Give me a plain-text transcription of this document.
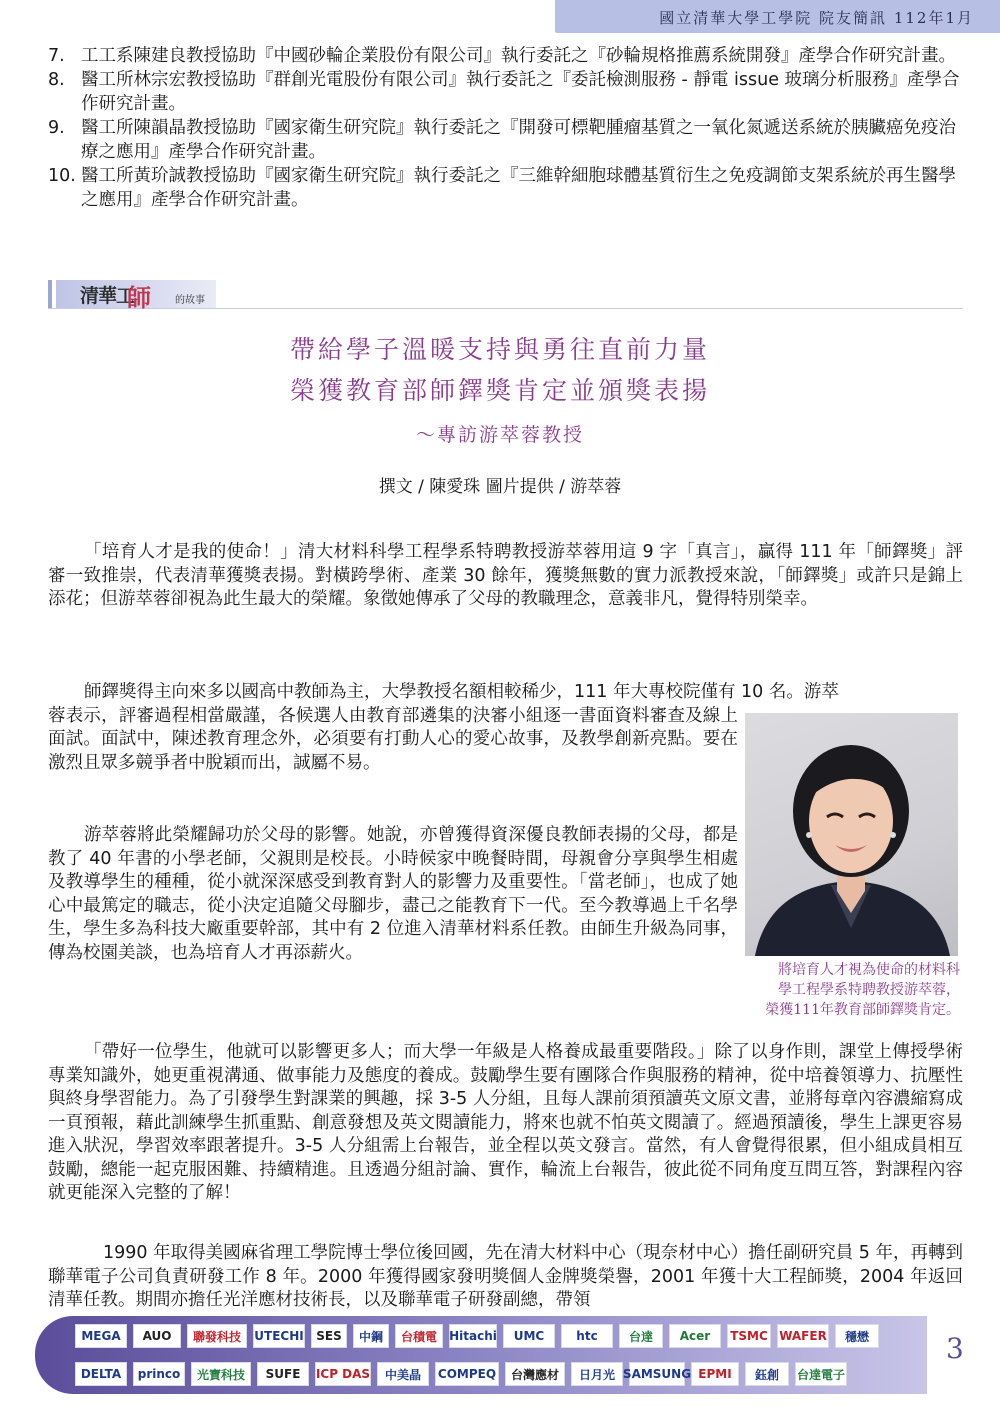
國立清華大學工學院 院友簡訊 112年1月
7. 工工系陳建良教授協助『中國砂輪企業股份有限公司』執行委託之『砂輪規格推薦系統開發』產學合作研究計畫。
8. 醫工所林宗宏教授協助『群創光電股份有限公司』執行委託之『委託檢測服務 - 靜電 issue 玻璃分析服務』產學合作研究計畫。
9. 醫工所陳韻晶教授協助『國家衛生研究院』執行委託之『開發可標靶腫瘤基質之一氧化氮遞送系統於胰臟癌免疫治療之應用』產學合作研究計畫。
10. 醫工所黃玠誠教授協助『國家衛生研究院』執行委託之『三維幹細胞球體基質衍生之免疫調節支架系統於再生醫學之應用』產學合作研究計畫。
清華工
師 的故事
帶給學子溫暖支持與勇往直前力量
榮獲教育部師鐸獎肯定並頒獎表揚
～專訪游萃蓉教授
撰文 / 陳愛珠 圖片提供 / 游萃蓉
「培育人才是我的使命！」清大材料科學工程學系特聘教授游萃蓉用這 9 字「真言」，贏得 111 年「師鐸獎」評審一致推崇，代表清華獲獎表揚。對橫跨學術、產業 30 餘年，獲獎無數的實力派教授來說，「師鐸獎」或許只是錦上添花；但游萃蓉卻視為此生最大的榮耀。象徵她傳承了父母的教職理念，意義非凡，覺得特別榮幸。
師鐸獎得主向來多以國高中教師為主，大學教授名額相較稀少，111 年大專校院僅有 10 名。游萃
蓉表示，評審過程相當嚴謹，各候選人由教育部遴集的決審小組逐一書面資料審查及線上面試。面試中，陳述教育理念外，必須要有打動人心的愛心故事，及教學創新亮點。要在激烈且眾多競爭者中脫穎而出，誠屬不易。
游萃蓉將此榮耀歸功於父母的影響。她說，亦曾獲得資深優良教師表揚的父母，都是教了 40 年書的小學老師，父親則是校長。小時候家中晚餐時間，母親會分享與學生相處及教導學生的種種，從小就深深感受到教育對人的影響力及重要性。「當老師」，也成了她心中最篤定的職志，從小決定追隨父母腳步，盡己之能教育下一代。至今教導過上千名學生，學生多為科技大廠重要幹部，其中有 2 位進入清華材料系任教。由師生升級為同事，傳為校園美談，也為培育人才再添薪火。
將培育人才視為使命的材料科
學工程學系特聘教授游萃蓉，
榮獲111年教育部師鐸獎肯定。
「帶好一位學生，他就可以影響更多人；而大學一年級是人格養成最重要階段。」除了以身作則，課堂上傳授學術專業知識外，她更重視溝通、做事能力及態度的養成。鼓勵學生要有團隊合作與服務的精神，從中培養領導力、抗壓性與終身學習能力。為了引發學生對課業的興趣，採 3-5 人分組，且每人課前須預讀英文原文書，並將每章內容濃縮寫成一頁預報，藉此訓練學生抓重點、創意發想及英文閱讀能力，將來也就不怕英文閱讀了。經過預讀後，學生上課更容易進入狀況，學習效率跟著提升。3-5 人分組需上台報告，並全程以英文發言。當然，有人會覺得很累，但小組成員相互鼓勵，總能一起克服困難、持續精進。且透過分組討論、實作，輪流上台報告，彼此從不同角度互問互答，對課程內容就更能深入完整的了解！
1990 年取得美國麻省理工學院博士學位後回國，先在清大材料中心（現奈材中心）擔任副研究員 5 年，再轉到聯華電子公司負責研發工作 8 年。2000 年獲得國家發明獎個人金牌獎榮譽，2001 年獲十大工程師獎，2004 年返回清華任教。期間亦擔任光洋應材技術長，以及聯華電子研發副總，帶領
MEGA	AUO	聯發科技	UTECHI	SES	中鋼	台積電	Hitachi	UMC	htc	台達	Acer	TSMC WAFER	穩懋
DELTA	princo	光寶科技	SUFE	ICP DAS	中美晶	COMPEQ	台灣應材	日月光 SAMSUNG EPMI	鈺創	台達電子
3
